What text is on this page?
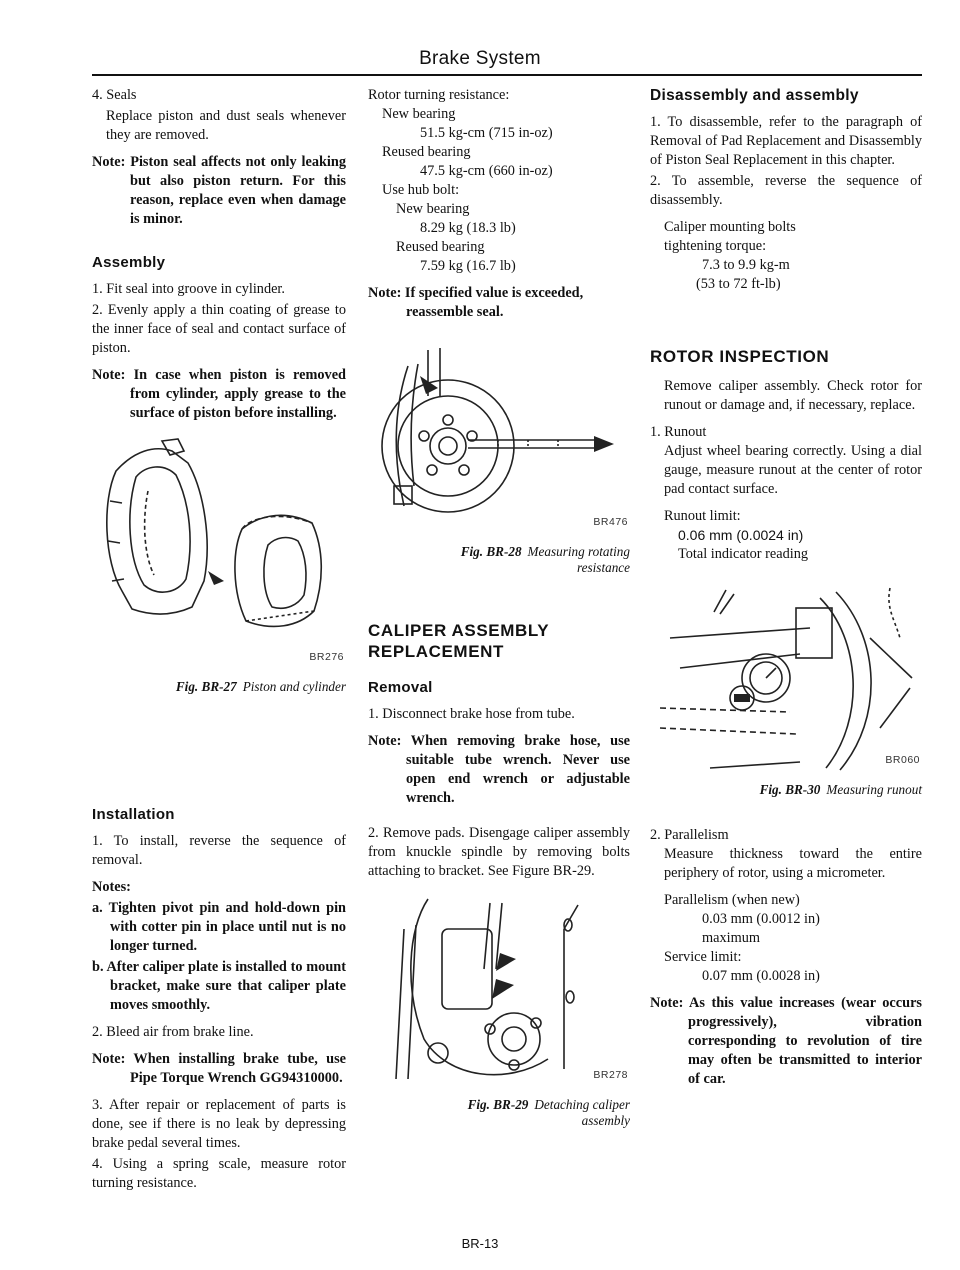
Brake System

4. Seals

Replace piston and dust seals whenever they are removed.

Note: Piston seal affects not only leaking but also piston return. For this reason, replace even when damage is minor.

Assembly

1. Fit seal into groove in cylinder.

2. Evenly apply a thin coating of grease to the inner face of seal and contact surface of piston.

Note: In case when piston is removed from cylinder, apply grease to the surface of piston before installing.

BR276

Fig. BR-27 Piston and cylinder

Installation

1. To install, reverse the sequence of removal.

Notes:

a. Tighten pivot pin and hold-down pin with cotter pin in place until nut is no longer turned.

b. After caliper plate is installed to mount bracket, make sure that caliper plate moves smoothly.

2. Bleed air from brake line.

Note: When installing brake tube, use Pipe Torque Wrench GG94310000.

3. After repair or replacement of parts is done, see if there is no leak by depressing brake pedal several times.

4. Using a spring scale, measure rotor turning resistance.

Rotor turning resistance:

New bearing

51.5 kg-cm (715 in-oz)

Reused bearing

47.5 kg-cm (660 in-oz)

Use hub bolt:

New bearing

8.29 kg (18.3 lb)

Reused bearing

7.59 kg (16.7 lb)

Note: If specified value is exceeded, reassemble seal.

BR476

Fig. BR-28 Measuring rotating
resistance

CALIPER ASSEMBLY REPLACEMENT
Removal

1. Disconnect brake hose from tube.

Note: When removing brake hose, use suitable tube wrench. Never use open end wrench or adjustable wrench.

2. Remove pads. Disengage caliper assembly from knuckle spindle by removing bolts attaching to bracket. See Figure BR-29.

BR278

Fig. BR-29 Detaching caliper
assembly

Disassembly and assembly

1. To disassemble, refer to the paragraph of Removal of Pad Replacement and Disassembly of Piston Seal Replacement in this chapter.

2. To assemble, reverse the sequence of disassembly.

Caliper mounting bolts

tightening torque:

7.3 to 9.9 kg-m

(53 to 72 ft-lb)

ROTOR INSPECTION

Remove caliper assembly. Check rotor for runout or damage and, if necessary, replace.

1. Runout

Adjust wheel bearing correctly. Using a dial gauge, measure runout at the center of rotor pad contact surface.

Runout limit:

0.06 mm (0.0024 in)

Total indicator reading

BR060

Fig. BR-30 Measuring runout

2. Parallelism

Measure thickness toward the entire periphery of rotor, using a micrometer.

Parallelism (when new)

0.03 mm (0.0012 in)

maximum

Service limit:

0.07 mm (0.0028 in)

Note: As this value increases (wear occurs progressively), vibration corresponding to revolution of tire may often be transmitted to interior of car.

BR-13
